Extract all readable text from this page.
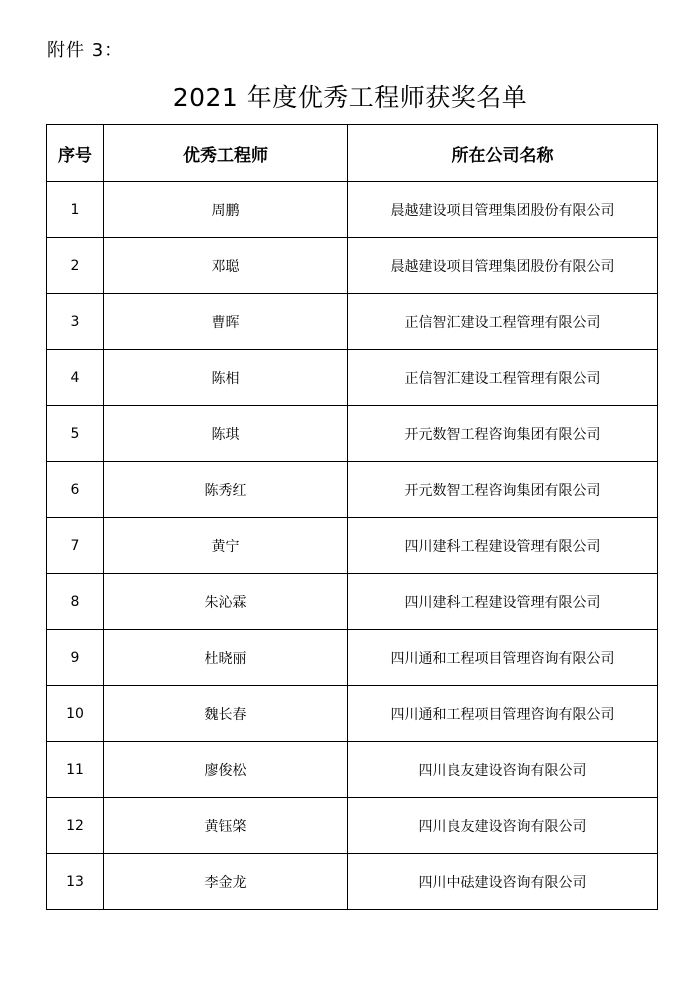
附件 3：
2021 年度优秀工程师获奖名单
序号	优秀工程师	所在公司名称
1	周鹏	晨越建设项目管理集团股份有限公司
2	邓聪	晨越建设项目管理集团股份有限公司
3	曹晖	正信智汇建设工程管理有限公司
4	陈相	正信智汇建设工程管理有限公司
5	陈琪	开元数智工程咨询集团有限公司
6	陈秀红	开元数智工程咨询集团有限公司
7	黄宁	四川建科工程建设管理有限公司
8	朱沁霖	四川建科工程建设管理有限公司
9	杜晓丽	四川通和工程项目管理咨询有限公司
10	魏长春	四川通和工程项目管理咨询有限公司
11	廖俊松	四川良友建设咨询有限公司
12	黄钰棨	四川良友建设咨询有限公司
13	李金龙	四川中砝建设咨询有限公司
